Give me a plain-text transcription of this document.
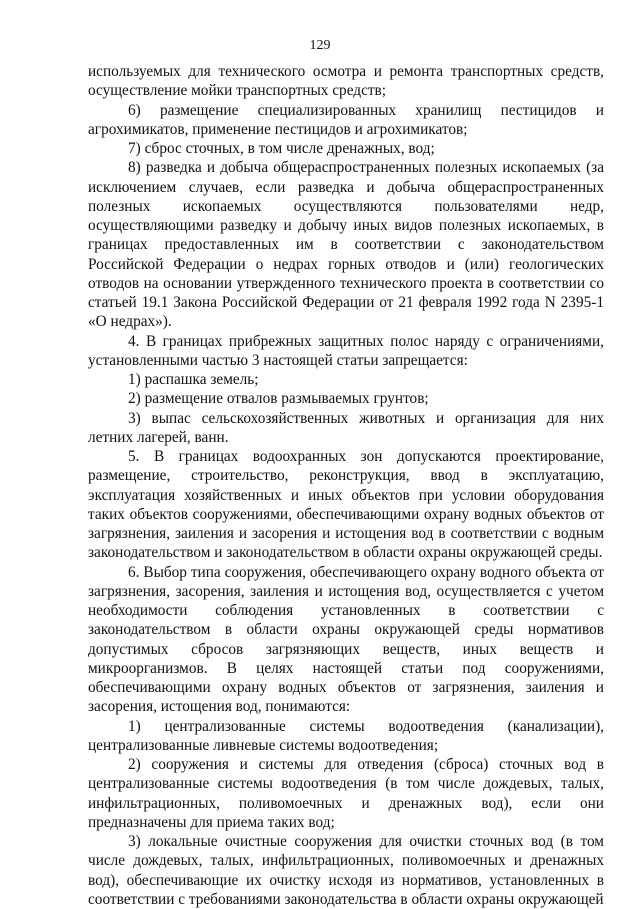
129

используемых для технического осмотра и ремонта транспортных средств, осуществление мойки транспортных средств;

6) размещение специализированных хранилищ пестицидов и агрохимикатов, применение пестицидов и агрохимикатов;

7) сброс сточных, в том числе дренажных, вод;

8) разведка и добыча общераспространенных полезных ископаемых (за исключением случаев, если разведка и добыча общераспространенных полезных ископаемых осуществляются пользователями недр, осуществляющими разведку и добычу иных видов полезных ископаемых, в границах предоставленных им в соответствии с законодательством Российской Федерации о недрах горных отводов и (или) геологических отводов на основании утвержденного технического проекта в соответствии со статьей 19.1 Закона Российской Федерации от 21 февраля 1992 года N 2395-1 «О недрах»).

4. В границах прибрежных защитных полос наряду с ограничениями, установленными частью 3 настоящей статьи запрещается:

1) распашка земель;

2) размещение отвалов размываемых грунтов;

3) выпас сельскохозяйственных животных и организация для них летних лагерей, ванн.

5. В границах водоохранных зон допускаются проектирование, размещение, строительство, реконструкция, ввод в эксплуатацию, эксплуатация хозяйственных и иных объектов при условии оборудования таких объектов сооружениями, обеспечивающими охрану водных объектов от загрязнения, заиления и засорения и истощения вод в соответствии с водным законодательством и законодательством в области охраны окружающей среды.

6. Выбор типа сооружения, обеспечивающего охрану водного объекта от загрязнения, засорения, заиления и истощения вод, осуществляется с учетом необходимости соблюдения установленных в соответствии с законодательством в области охраны окружающей среды нормативов допустимых сбросов загрязняющих веществ, иных веществ и микроорганизмов. В целях настоящей статьи под сооружениями, обеспечивающими охрану водных объектов от загрязнения, заиления и засорения, истощения вод, понимаются:

1) централизованные системы водоотведения (канализации), централизованные ливневые системы водоотведения;

2) сооружения и системы для отведения (сброса) сточных вод в централизованные системы водоотведения (в том числе дождевых, талых, инфильтрационных, поливомоечных и дренажных вод), если они предназначены для приема таких вод;

3) локальные очистные сооружения для очистки сточных вод (в том числе дождевых, талых, инфильтрационных, поливомоечных и дренажных вод), обеспечивающие их очистку исходя из нормативов, установленных в соответствии с требованиями законодательства в области охраны окружающей
